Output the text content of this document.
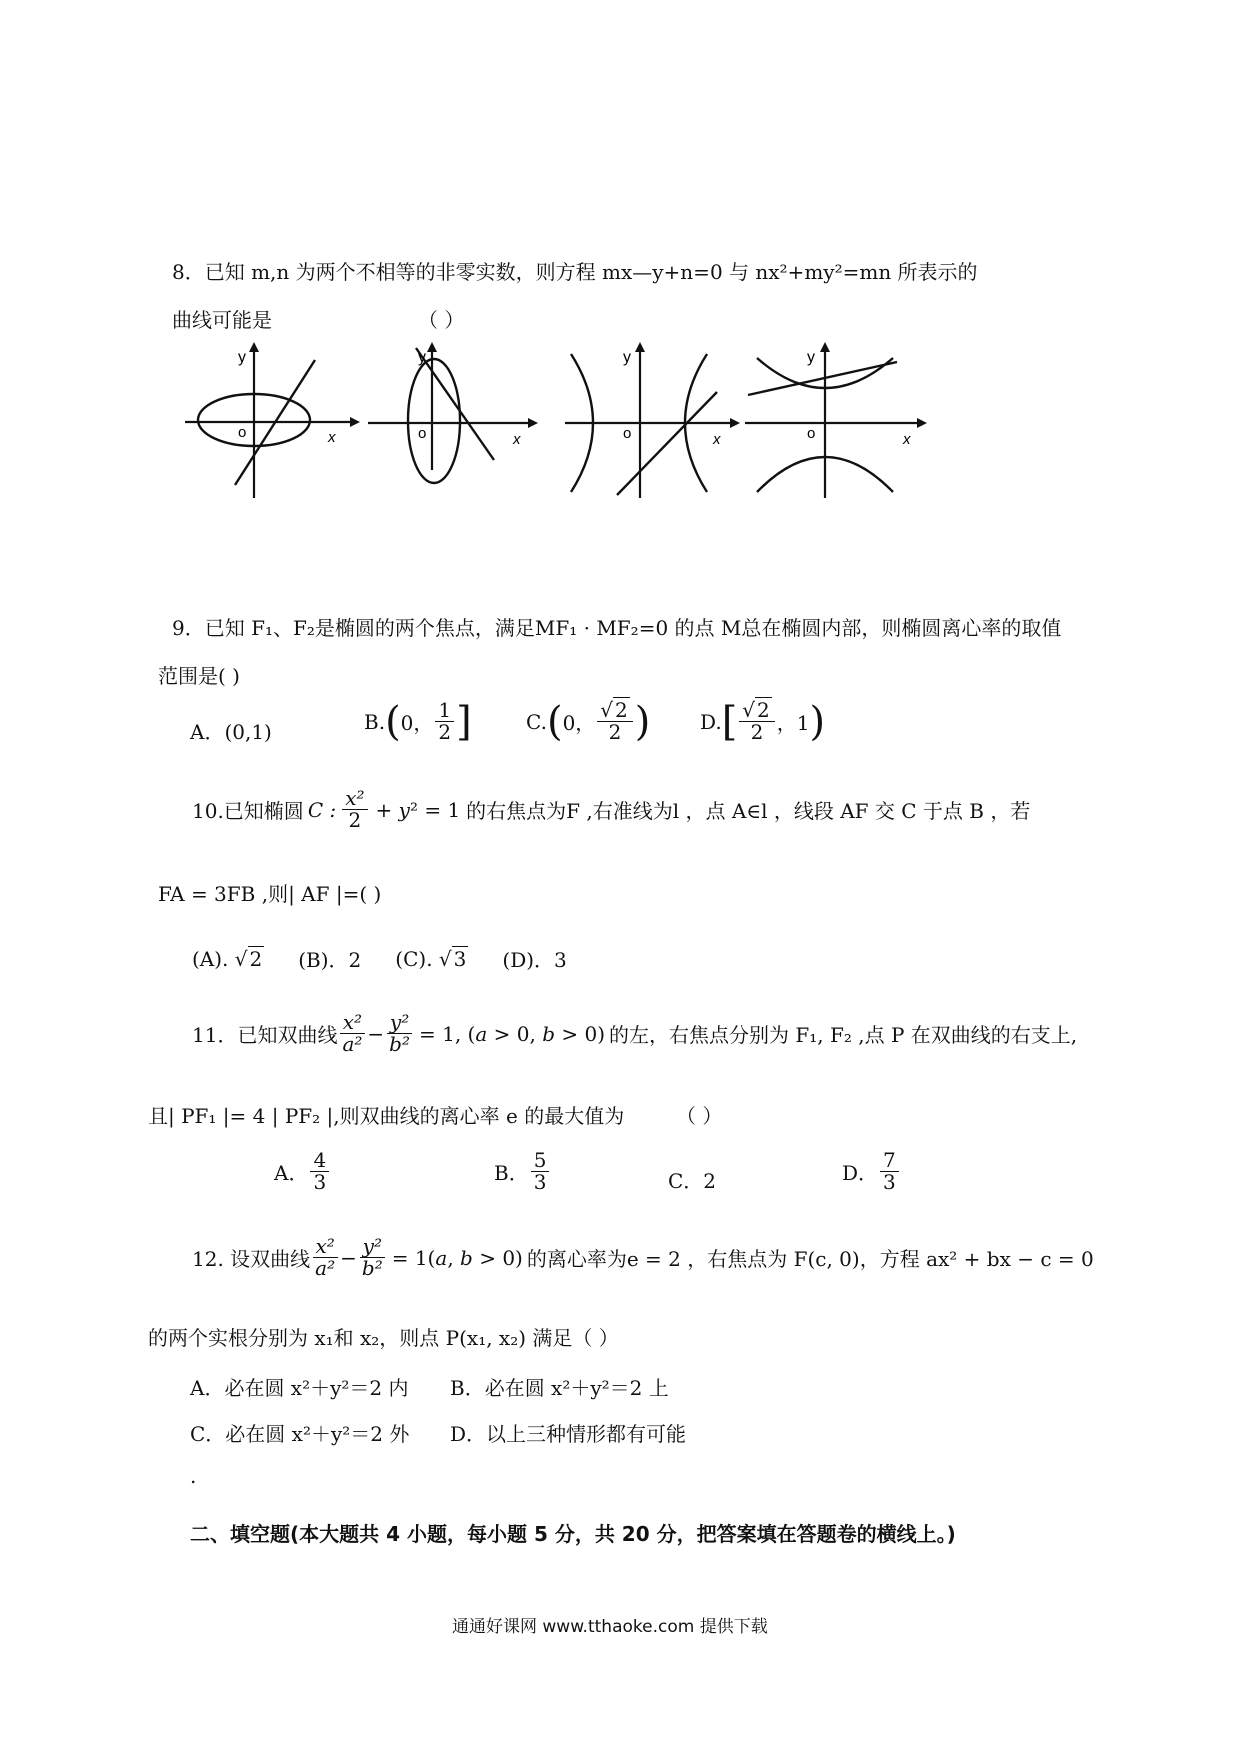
8．已知 m,n 为两个不相等的非零实数，则方程 mx—y+n=0 与 nx²+my²=mn 所表示的
曲线可能是	（ ）
y
o	x
y
o	x
y
o	x
y
o	x
9．已知 F₁、F₂是椭圆的两个焦点，满足MF₁ · MF₂=0 的点 M总在椭圆内部，则椭圆离心率的取值
范围是( )
A．(0,1)	B. ( 0， $\frac{1}{2}$ ]	C. ( 0， $\frac{√ 2}{2}$ ) D. [ $\frac{√ 2}{2}$ ，1 )
10.已知椭圆 C : $\frac{\text{x²}}{2} + y^2 = 1$ 的右焦点为F ,右准线为l ，点 A∈l ，线段 AF 交 C 于点 B ，若
FA = 3FB ,则| AF |=( )
(A). √ 2 (B)．2 (C). √ 3 (D)．3
11．已知双曲线 $\frac{\text{x²}}{\text{a²}} - \frac{\text{y²}}{\text{b²}} = 1$, (a > 0, b > 0) 的左，右焦点分别为 F₁, F₂ ,点 P 在双曲线的右支上,
且| PF₁ |= 4 | PF₂ |,则双曲线的离心率 e 的最大值为	（ ）
A． $\frac{4}{3}$	B． $\frac{5}{3}$	C．2	D． $\frac{7}{3}$
12. 设双曲线 $\frac{\text{x²}}{\text{a²}} - \frac{\text{y²}}{\text{b²}} = 1(a$, b > 0) 的离心率为e = 2 ，右焦点为 F(c, 0)，方程 ax² + bx − c = 0
的两个实根分别为 x₁和 x₂，则点 P(x₁, x₂) 满足（ ）
A．必在圆 x²＋y²＝2 内 B．必在圆 x²＋y²＝2 上
C．必在圆 x²＋y²＝2 外 D．以上三种情形都有可能
.
二、填空题(本大题共 4 小题，每小题 5 分，共 20 分，把答案填在答题卷的横线上。)
通通好课网 www.tthaoke.com 提供下载
